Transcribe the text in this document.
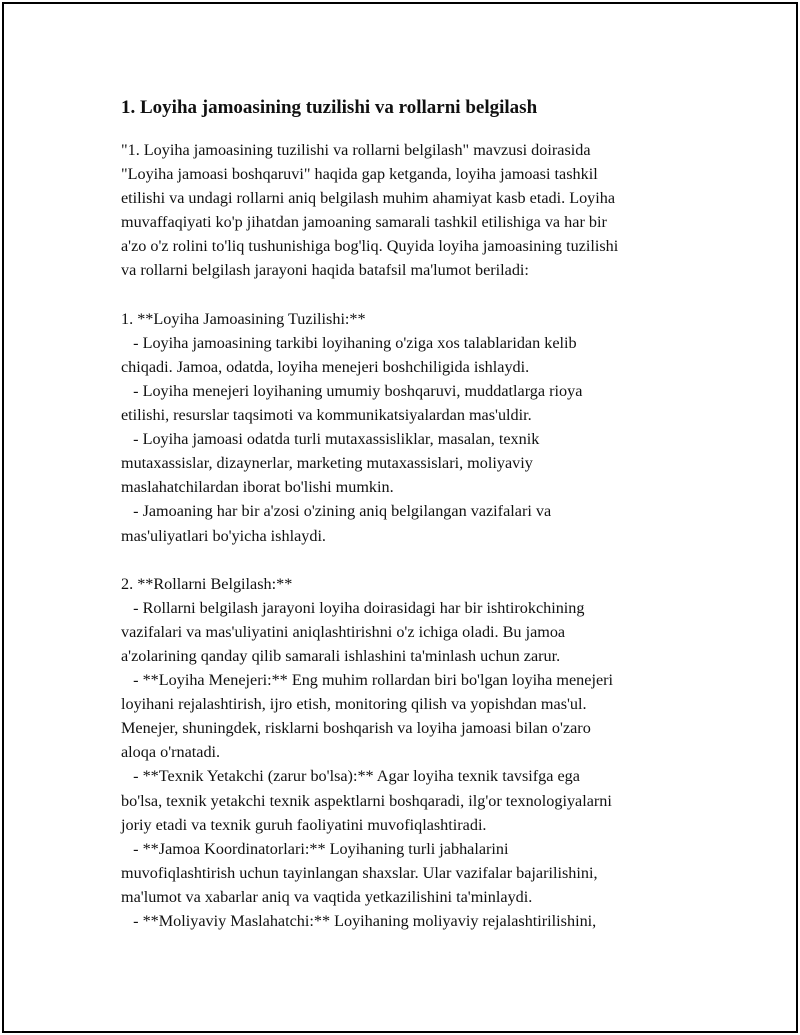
1. Loyiha jamoasining tuzilishi va rollarni belgilash
"1. Loyiha jamoasining tuzilishi va rollarni belgilash" mavzusi doirasida
"Loyiha jamoasi boshqaruvi" haqida gap ketganda, loyiha jamoasi tashkil
etilishi va undagi rollarni aniq belgilash muhim ahamiyat kasb etadi. Loyiha
muvaffaqiyati ko'p jihatdan jamoaning samarali tashkil etilishiga va har bir
a'zo o'z rolini to'liq tushunishiga bog'liq. Quyida loyiha jamoasining tuzilishi
va rollarni belgilash jarayoni haqida batafsil ma'lumot beriladi:
1. **Loyiha Jamoasining Tuzilishi:**
- Loyiha jamoasining tarkibi loyihaning o'ziga xos talablaridan kelib
chiqadi. Jamoa, odatda, loyiha menejeri boshchiligida ishlaydi.
- Loyiha menejeri loyihaning umumiy boshqaruvi, muddatlarga rioya
etilishi, resurslar taqsimoti va kommunikatsiyalardan mas'uldir.
- Loyiha jamoasi odatda turli mutaxassisliklar, masalan, texnik
mutaxassislar, dizaynerlar, marketing mutaxassislari, moliyaviy
maslahatchilardan iborat bo'lishi mumkin.
- Jamoaning har bir a'zosi o'zining aniq belgilangan vazifalari va
mas'uliyatlari bo'yicha ishlaydi.
2. **Rollarni Belgilash:**
- Rollarni belgilash jarayoni loyiha doirasidagi har bir ishtirokchining
vazifalari va mas'uliyatini aniqlashtirishni o'z ichiga oladi. Bu jamoa
a'zolarining qanday qilib samarali ishlashini ta'minlash uchun zarur.
- **Loyiha Menejeri:** Eng muhim rollardan biri bo'lgan loyiha menejeri
loyihani rejalashtirish, ijro etish, monitoring qilish va yopishdan mas'ul.
Menejer, shuningdek, risklarni boshqarish va loyiha jamoasi bilan o'zaro
aloqa o'rnatadi.
- **Texnik Yetakchi (zarur bo'lsa):** Agar loyiha texnik tavsifga ega
bo'lsa, texnik yetakchi texnik aspektlarni boshqaradi, ilg'or texnologiyalarni
joriy etadi va texnik guruh faoliyatini muvofiqlashtiradi.
- **Jamoa Koordinatorlari:** Loyihaning turli jabhalarini
muvofiqlashtirish uchun tayinlangan shaxslar. Ular vazifalar bajarilishini,
ma'lumot va xabarlar aniq va vaqtida yetkazilishini ta'minlaydi.
- **Moliyaviy Maslahatchi:** Loyihaning moliyaviy rejalashtirilishini,
